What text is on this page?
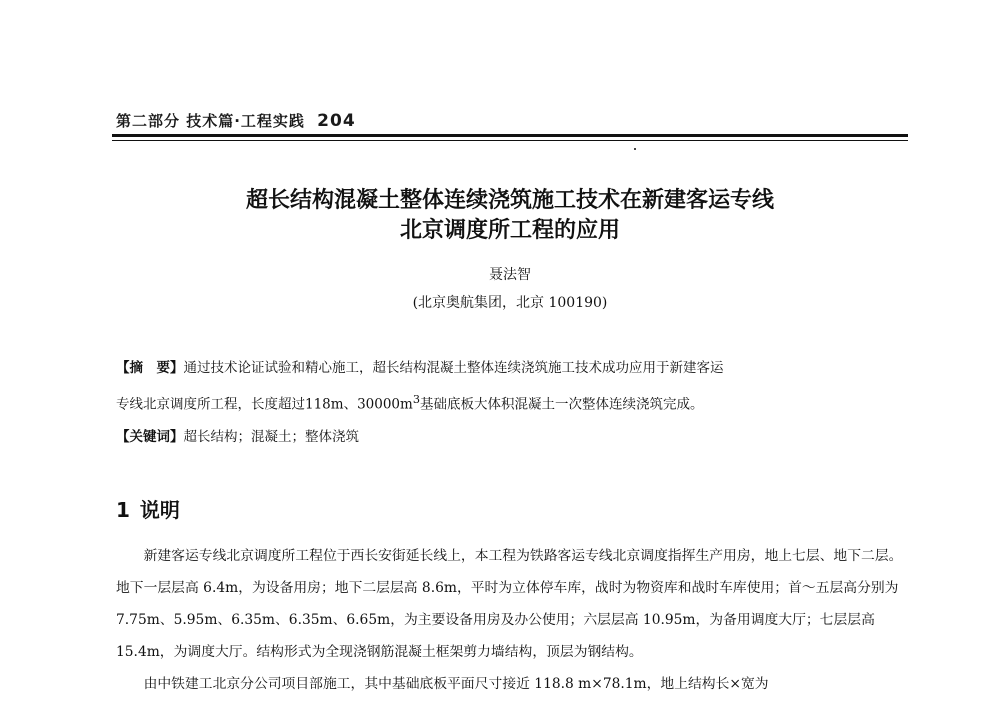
第二部分 技术篇·工程实践 204
超长结构混凝土整体连续浇筑施工技术在新建客运专线
北京调度所工程的应用
聂法智
(北京奥航集团，北京 100190)

【摘　要】通过技术论证试验和精心施工，超长结构混凝土整体连续浇筑施工技术成功应用于新建客运

专线北京调度所工程，长度超过118m、$30000m^3$基础底板大体积混凝土一次整体连续浇筑完成。

【关键词】超长结构；混凝土；整体浇筑

1 说明

新建客运专线北京调度所工程位于西长安街延长线上，本工程为铁路客运专线北京调度指挥生产用房，地上七层、地下二层。地下一层层高 6.4m，为设备用房；地下二层层高 8.6m，平时为立体停车库，战时为物资库和战时车库使用；首～五层高分别为 7.75m、5.95m、6.35m、6.35m、6.65m，为主要设备用房及办公使用；六层层高 10.95m，为备用调度大厅；七层层高 15.4m，为调度大厅。结构形式为全现浇钢筋混凝土框架剪力墙结构，顶层为钢结构。

由中铁建工北京分公司项目部施工，其中基础底板平面尺寸接近 118.8 m×78.1m，地上结构长×宽为
